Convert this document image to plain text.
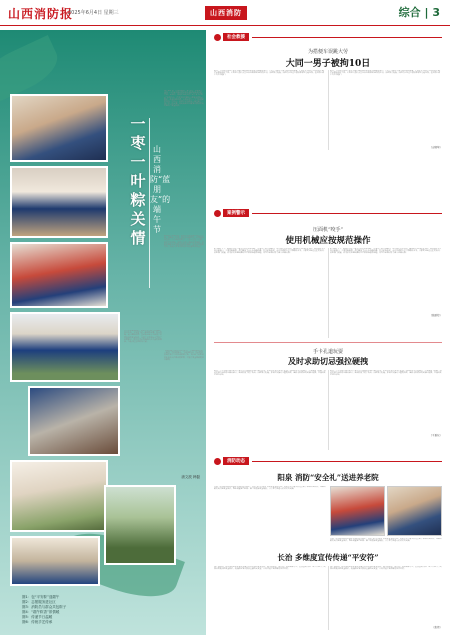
山西消防报
2025年6月4日 星期三	山西消防	综合 | 3
一枣一叶粽关情
山西消防“蓝朋友”的端午节
端午粽叶香，民俗情意浓。6月1日，恰逢端午佳节，山西省各级消防救援队伍纷纷走进社区、学校、福利院、敬老院等地开展“端午节里话安全”系列活动，在浓浓节日氛围中普及消防安全知识，传递消防温情，让群众度过一个平安祥和的节日。活动中，消防员们与群众一起包粽子、挂艾草、做香囊，同时向居民讲解节日期间用火用电用气安全知识。
走进晋中市某社区，消防员与社区居民围坐在一起，将糯米、红枣、蜜枣放进粽叶里，动作娴熟地包出一个个饱满的粽子。大家一边包一边聊，欢声笑语不断。消防员们结合典型火灾案例，讲解家庭常见火灾隐患及防范措施，发放消防宣传资料，提醒大家节日期间出行注意防火安全。
在太原市某福利院，消防员们为孩子们准备了节日礼物，并与孩子们一起制作香囊、编五彩绳，通过趣味问答、互动游戏等方式向孩子们普及消防安全知识，让孩子们在欢乐中学到了消防知识。队员们表示将继续关心关爱特殊群体，为他们送去温暖与关爱。
“以前包粽子都是自己在家里，今天和消防员们一起包，特别有意义。”社区居民说。活动的开展既弘扬了中华优秀传统文化，又拉近了消防救援队伍与人民群众的距离，营造了安全祥和的节日氛围。
唐文波 韩磊
图1：包“平安粽”迎端午
图2：志愿服务进社区
图3：消防员与群众共包粽子
图4：“端午粽香”浓情暖
图5：传递节日温暖
图6：传统手艺传承
社会救援
为搭便车误跳大劳
大同一男子被拘10日
近日，大同市公安机关依法处理一起妨碍消防救援车辆通行案件。一男子为搭便车误入消防救援现场，拦截正在执行任务的消防车辆，严重影响救援工作。公安机关依法对其处以行政拘留10日的处罚。消防部门提醒，消防车执行任务期间享有优先通行权，任何单位和个人不得阻拦。
近日，大同市公安机关依法处理一起妨碍消防救援车辆通行案件。一男子为搭便车误入消防救援现场，拦截正在执行任务的消防车辆，严重影响救援工作。公安机关依法对其处以行政拘留10日的处罚。消防部门提醒，消防车执行任务期间享有优先通行权，任何单位和个人不得阻拦。
（史晓华）
案例警示
压面机“咬手”
使用机械应按规范操作
5月28日下午，某居民小区一老人在使用压面机时，不慎将手卷入机器内，家人无法将其取出，随即拨打119报警求助。消防救援人员到达现场后，立即切断电源，使用破拆工具小心拆卸机器，经过紧张救援，成功将被困人员手部解救出来，并移交120送往医院救治。消防部门提醒，使用家用机械设备时应严格按照操作规程，切勿在运转时将手伸入机器内部。
5月28日下午，某居民小区一老人在使用压面机时，不慎将手卷入机器内，家人无法将其取出，随即拨打119报警求助。消防救援人员到达现场后，立即切断电源，使用破拆工具小心拆卸机器，经过紧张救援，成功将被困人员手部解救出来，并移交120送往医院救治。消防部门提醒，使用家用机械设备时应严格按照操作规程，切勿在运转时将手伸入机器内部。
（张丽珍）
手卡孔道玩耍
及时求助切忌强拉硬拽
近日，一名男孩在玩耍时将手伸入公共座椅的孔洞中无法拔出，家长尝试多次未果后报警。消防救援人员到场后，先安抚孩子情绪，再使用润滑剂和专业器材配合，顺利将孩子的手取出。消防部门提醒，家长应加强对儿童的看护，遇到类似情况切忌强拉硬拽，应及时拨打119求助。
近日，一名男孩在玩耍时将手伸入公共座椅的孔洞中无法拔出，家长尝试多次未果后报警。消防救援人员到场后，先安抚孩子情绪，再使用润滑剂和专业器材配合，顺利将孩子的手取出。消防部门提醒，家长应加强对儿童的看护，遇到类似情况切忌强拉硬拽，应及时拨打119求助。
（王晋东）
消防动态
阳泉 消防“安全礼”送进养老院
日前，阳泉市消防救援支队来到辖区养老院，开展“端午送安康”消防安全宣传活动。消防员们为老人们送去粽子等节日慰问品，详细讲解用火用电安全常识，帮助排查电气线路、燃气管道等安全隐患，并手把手教老人们使用灭火器。
日前，阳泉市消防救援支队来到辖区养老院，开展“端午送安康”消防安全宣传活动。消防员们为老人们送去粽子等节日慰问品，详细讲解用火用电安全常识，帮助排查电气线路、燃气管道等安全隐患，并手把手教老人们使用灭火器。
长治 多维度宣传传递“平安符”
端午节期间，长治市消防救援支队多措并举开展消防安全宣传，通过进社区、进景区、进商场等方式，发放宣传资料、设立咨询台，向群众普及消防安全知识，提醒群众节日期间注意防火安全，共同营造平安和谐的节日环境。
端午节期间，长治市消防救援支队多措并举开展消防安全宣传，通过进社区、进景区、进商场等方式，发放宣传资料、设立咨询台，向群众普及消防安全知识，提醒群众节日期间注意防火安全，共同营造平安和谐的节日环境。
（张伟）
